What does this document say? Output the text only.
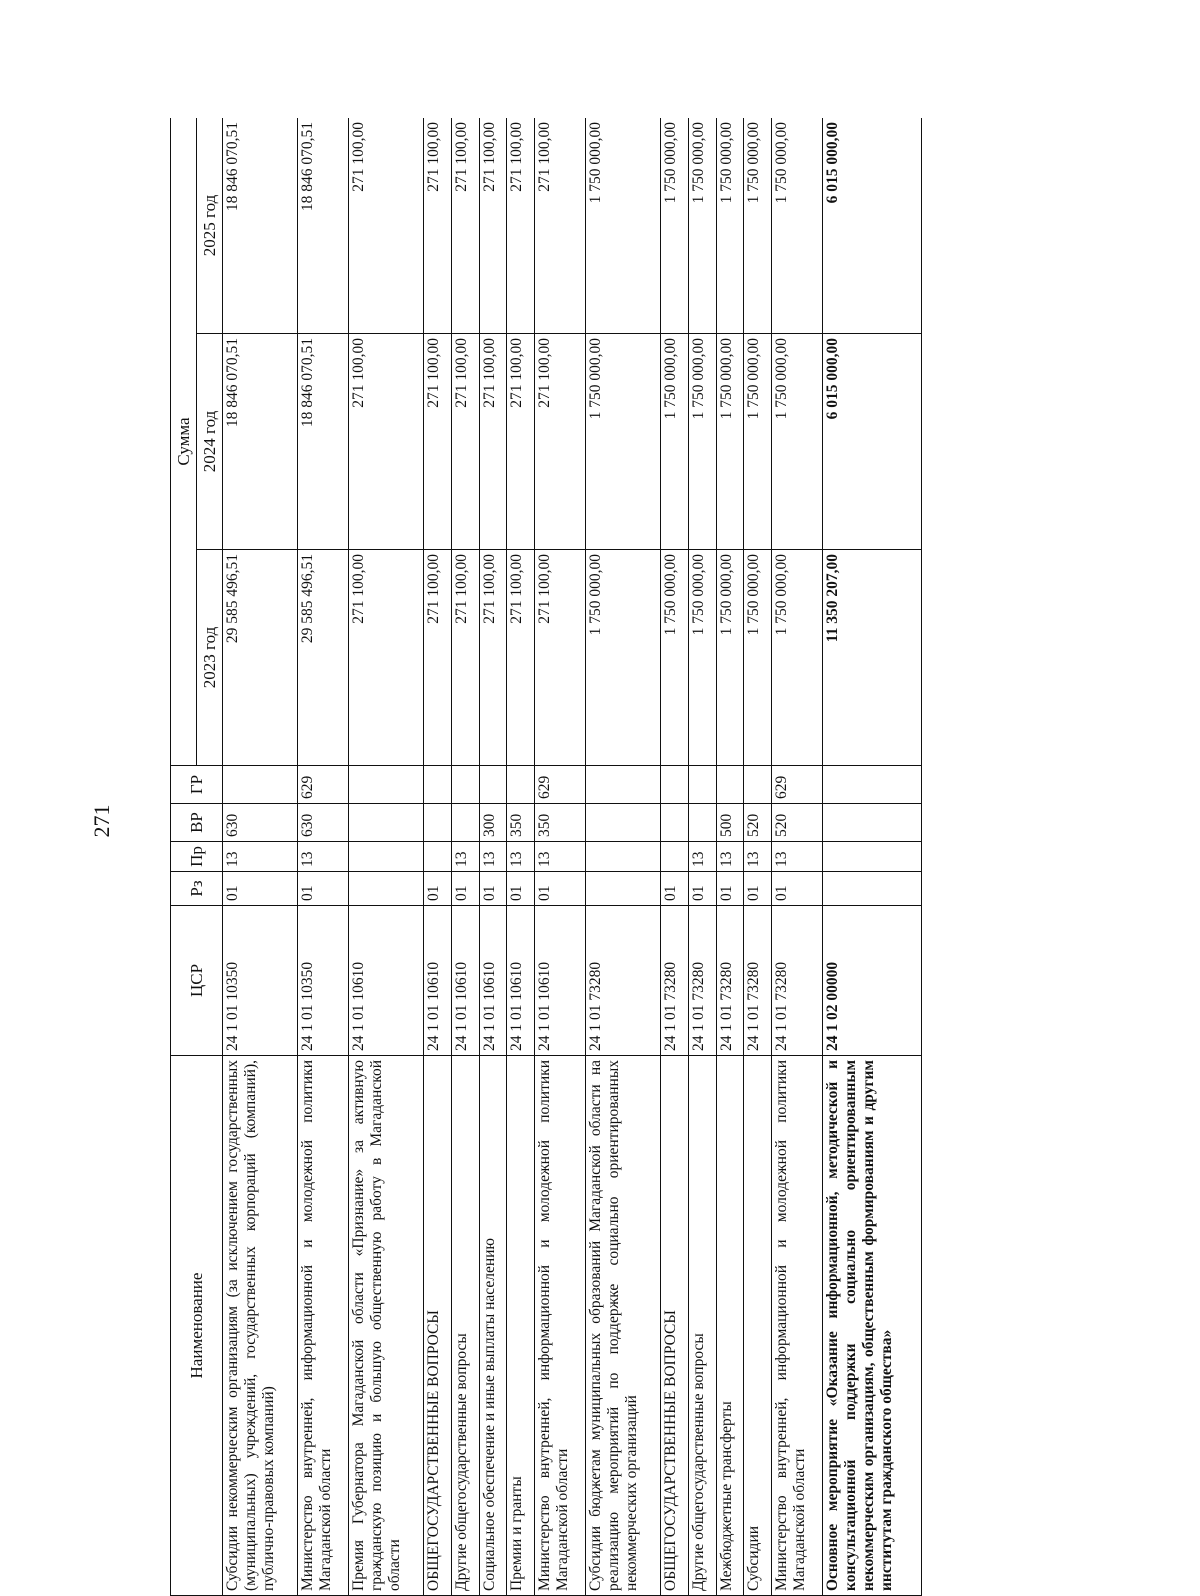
271
Наименование	ЦСР	Рз	Пр	ВР	ГР	Сумма		
						2023 год	2024 год	2025 год
Субсидии некоммерческим организациям (за исключением государственных (муниципальных) учреждений, государственных корпораций (компаний), публично-правовых компаний)	24 1 01 10350	01	13	630		29 585 496,51	18 846 070,51	18 846 070,51
Министерство внутренней, информационной и молодежной политики Магаданской области	24 1 01 10350	01	13	630	629	29 585 496,51	18 846 070,51	18 846 070,51
Премия Губернатора Магаданской области «Признание» за активную гражданскую позицию и большую общественную работу в Магаданской области	24 1 01 10610					271 100,00	271 100,00	271 100,00
ОБЩЕГОСУДАРСТВЕННЫЕ ВОПРОСЫ	24 1 01 10610	01				271 100,00	271 100,00	271 100,00
Другие общегосударственные вопросы	24 1 01 10610	01	13			271 100,00	271 100,00	271 100,00
Социальное обеспечение и иные выплаты населению	24 1 01 10610	01	13	300		271 100,00	271 100,00	271 100,00
Премии и гранты	24 1 01 10610	01	13	350		271 100,00	271 100,00	271 100,00
Министерство внутренней, информационной и молодежной политики Магаданской области	24 1 01 10610	01	13	350	629	271 100,00	271 100,00	271 100,00
Субсидии бюджетам муниципальных образований Магаданской области на реализацию мероприятий по поддержке социально ориентированных некоммерческих организаций	24 1 01 73280					1 750 000,00	1 750 000,00	1 750 000,00
ОБЩЕГОСУДАРСТВЕННЫЕ ВОПРОСЫ	24 1 01 73280	01				1 750 000,00	1 750 000,00	1 750 000,00
Другие общегосударственные вопросы	24 1 01 73280	01	13			1 750 000,00	1 750 000,00	1 750 000,00
Межбюджетные трансферты	24 1 01 73280	01	13	500		1 750 000,00	1 750 000,00	1 750 000,00
Субсидии	24 1 01 73280	01	13	520		1 750 000,00	1 750 000,00	1 750 000,00
Министерство внутренней, информационной и молодежной политики Магаданской области	24 1 01 73280	01	13	520	629	1 750 000,00	1 750 000,00	1 750 000,00
Основное мероприятие «Оказание информационной, методической и консультационной поддержки социально ориентированным некоммерческим организациям, общественным формированиям и другим институтам гражданского общества»	24 1 02 00000					11 350 207,00	6 015 000,00	6 015 000,00
